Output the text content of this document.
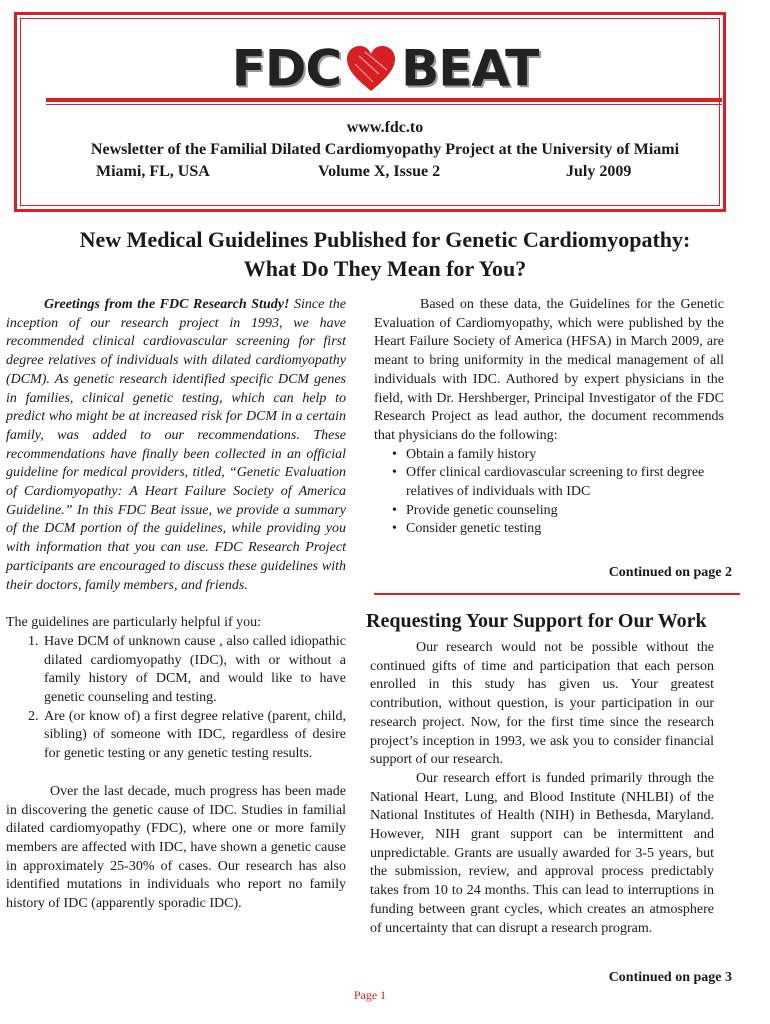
FDC BEAT
www.fdc.to
Newsletter of the Familial Dilated Cardiomyopathy Project at the University of Miami
Miami, FL, USA	Volume X, Issue 2	July 2009
New Medical Guidelines Published for Genetic Cardiomyopathy:
What Do They Mean for You?

Greetings from the FDC Research Study! Since the inception of our research project in 1993, we have recommended clinical cardiovascular screening for first degree relatives of individuals with dilated cardiomyopathy (DCM). As genetic research identified specific DCM genes in families, clinical genetic testing, which can help to predict who might be at increased risk for DCM in a certain family, was added to our recommendations. These recommendations have finally been collected in an official guideline for medical providers, titled, “Genetic Evaluation of Cardiomyopathy: A Heart Failure Society of America Guideline.” In this FDC Beat issue, we provide a summary of the DCM portion of the guidelines, while providing you with information that you can use. FDC Research Project participants are encouraged to discuss these guidelines with their doctors, family members, and friends.

The guidelines are particularly helpful if you:

1. Have DCM of unknown cause , also called idiopathic dilated cardiomyopathy (IDC), with or without a family history of DCM, and would like to have genetic counseling and testing.
2. Are (or know of) a first degree relative (parent, child, sibling) of someone with IDC, regardless of desire for genetic testing or any genetic testing results.

Over the last decade, much progress has been made in discovering the genetic cause of IDC. Studies in familial dilated cardiomyopathy (FDC), where one or more family members are affected with IDC, have shown a genetic cause in approximately 25-30% of cases. Our research has also identified mutations in individuals who report no family history of IDC (apparently sporadic IDC).

Based on these data, the Guidelines for the Genetic Evaluation of Cardiomyopathy, which were published by the Heart Failure Society of America (HFSA) in March 2009, are meant to bring uniformity in the medical management of all individuals with IDC. Authored by expert physicians in the field, with Dr. Hershberger, Principal Investigator of the FDC Research Project as lead author, the document recommends that physicians do the following:

• Obtain a family history
• Offer clinical cardiovascular screening to first degree relatives of individuals with IDC
• Provide genetic counseling
• Consider genetic testing
Continued on page 2
Requesting Your Support for Our Work

Our research would not be possible without the continued gifts of time and participation that each person enrolled in this study has given us. Your greatest contribution, without question, is your participation in our research project. Now, for the first time since the research project’s inception in 1993, we ask you to consider financial support of our research.

Our research effort is funded primarily through the National Heart, Lung, and Blood Institute (NHLBI) of the National Institutes of Health (NIH) in Bethesda, Maryland. However, NIH grant support can be intermittent and unpredictable. Grants are usually awarded for 3-5 years, but the submission, review, and approval process predictably takes from 10 to 24 months. This can lead to interruptions in funding between grant cycles, which creates an atmosphere of uncertainty that can disrupt a research program.

Continued on page 3
Page 1
